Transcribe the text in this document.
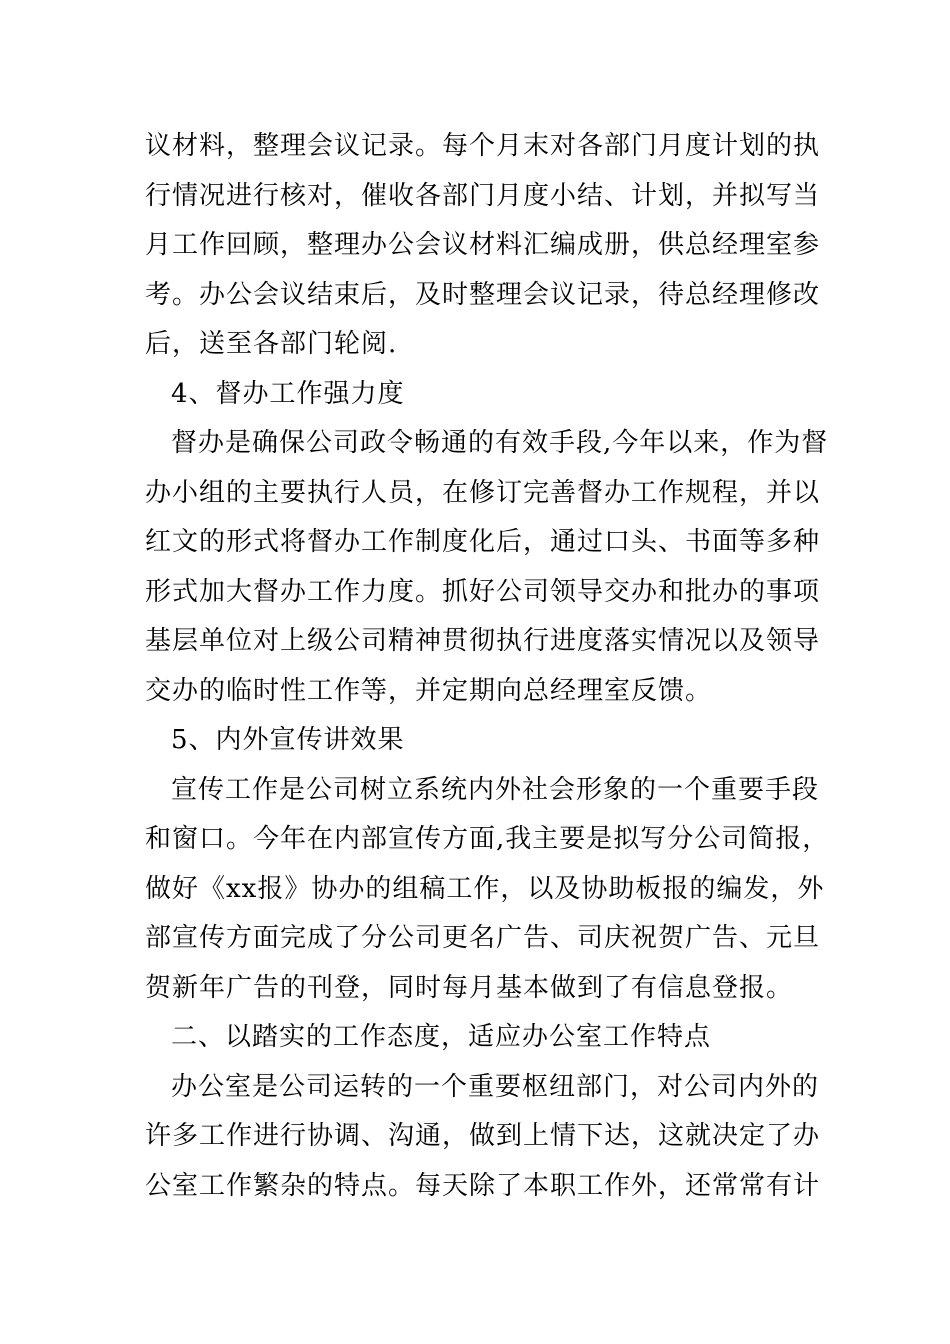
议材料，整理会议记录。每个月末对各部门月度计划的执
行情况进行核对，催收各部门月度小结、计划，并拟写当
月工作回顾，整理办公会议材料汇编成册，供总经理室参
考。办公会议结束后，及时整理会议记录，待总经理修改
后，送至各部门轮阅.
4、督办工作强力度
督办是确保公司政令畅通的有效手段,今年以来，作为督
办小组的主要执行人员，在修订完善督办工作规程，并以
红文的形式将督办工作制度化后，通过口头、书面等多种
形式加大督办工作力度。抓好公司领导交办和批办的事项
基层单位对上级公司精神贯彻执行进度落实情况以及领导
交办的临时性工作等，并定期向总经理室反馈。
5、内外宣传讲效果
宣传工作是公司树立系统内外社会形象的一个重要手段
和窗口。今年在内部宣传方面,我主要是拟写分公司简报，
做好《xx报》协办的组稿工作，以及协助板报的编发，外
部宣传方面完成了分公司更名广告、司庆祝贺广告、元旦
贺新年广告的刊登，同时每月基本做到了有信息登报。
二、以踏实的工作态度，适应办公室工作特点
办公室是公司运转的一个重要枢纽部门，对公司内外的
许多工作进行协调、沟通，做到上情下达，这就决定了办
公室工作繁杂的特点。每天除了本职工作外，还常常有计
